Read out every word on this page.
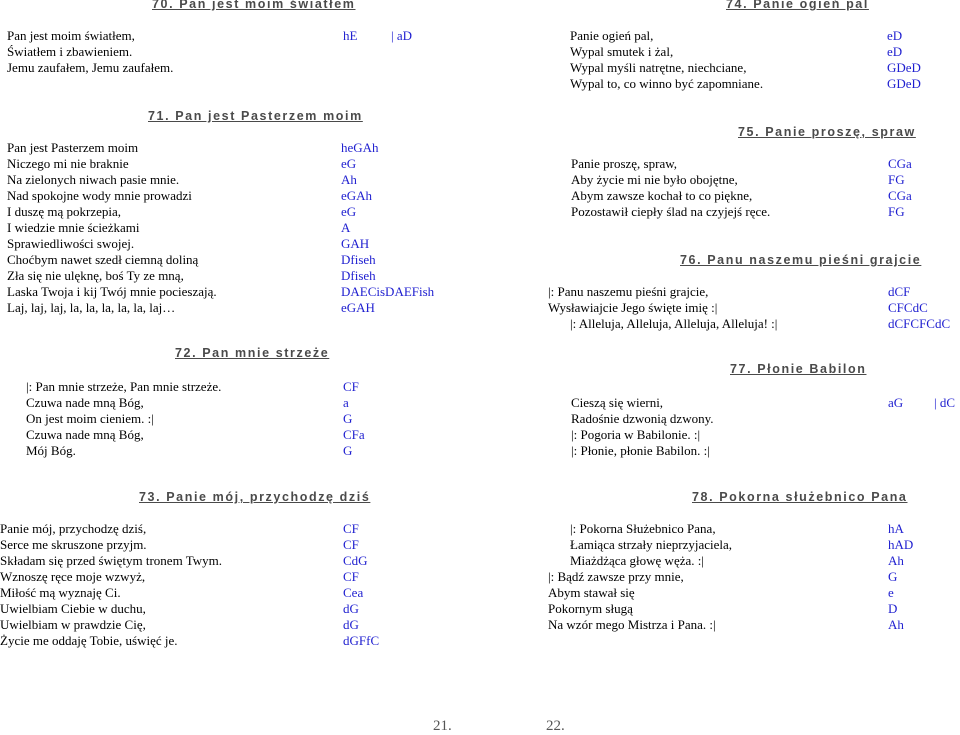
70. Pan jest moim światłem
Pan jest moim światłem,	hE	| aD
Światłem i zbawieniem.
Jemu zaufałem, Jemu zaufałem.
71. Pan jest Pasterzem moim
Pan jest Pasterzem moim	heGAh
Niczego mi nie braknie	eG
Na zielonych niwach pasie mnie.	Ah
Nad spokojne wody mnie prowadzi	eGAh
I duszę mą pokrzepia,	eG
I wiedzie mnie ścieżkami	A
Sprawiedliwości swojej.	GAH
Choćbym nawet szedł ciemną doliną	Dfiseh
Zła się nie ulęknę, boś Ty ze mną,	Dfiseh
Laska Twoja i kij Twój mnie pocieszają.	DAECisDAEFish
Laj, laj, laj, la, la, la, la, la, laj…	eGAH
72. Pan mnie strzeże
|: Pan mnie strzeże, Pan mnie strzeże.	CF
Czuwa nade mną Bóg,	a
On jest moim cieniem. :|	G
Czuwa nade mną Bóg,	CFa
Mój Bóg.	G
73. Panie mój, przychodzę dziś
Panie mój, przychodzę dziś,	CF
Serce me skruszone przyjm.	CF
Składam się przed świętym tronem Twym.	CdG
Wznoszę ręce moje wzwyż,	CF
Miłość mą wyznaję Ci.	Cea
Uwielbiam Ciebie w duchu,	dG
Uwielbiam w prawdzie Cię,	dG
Życie me oddaję Tobie, uświęć je.	dGFfC
74. Panie ogień pal
Panie ogień pal,	eD
Wypal smutek i żal,	eD
Wypal myśli natrętne, niechciane,	GDeD
Wypal to, co winno być zapomniane.	GDeD
75. Panie proszę, spraw
Panie proszę, spraw,	CGa
Aby życie mi nie było obojętne,	FG
Abym zawsze kochał to co piękne,	CGa
Pozostawił ciepły ślad na czyjejś ręce.	FG
76. Panu naszemu pieśni grajcie
|: Panu naszemu pieśni grajcie,	dCF
Wysławiajcie Jego święte imię :|	CFCdC
|: Alleluja, Alleluja, Alleluja, Alleluja! :|	dCFCFCdC
77. Płonie Babilon
Cieszą się wierni,	aG | dC
Radośnie dzwonią dzwony.
|: Pogoria w Babilonie. :|
|: Płonie, płonie Babilon. :|
78. Pokorna służebnico Pana
|: Pokorna Służebnico Pana,	hA
Łamiąca strzały nieprzyjaciela,	hAD
Miażdżąca głowę węża. :|	Ah
|: Bądź zawsze przy mnie,	G
Abym stawał się	e
Pokornym sługą	D
Na wzór mego Mistrza i Pana. :|	Ah
21.	22.
